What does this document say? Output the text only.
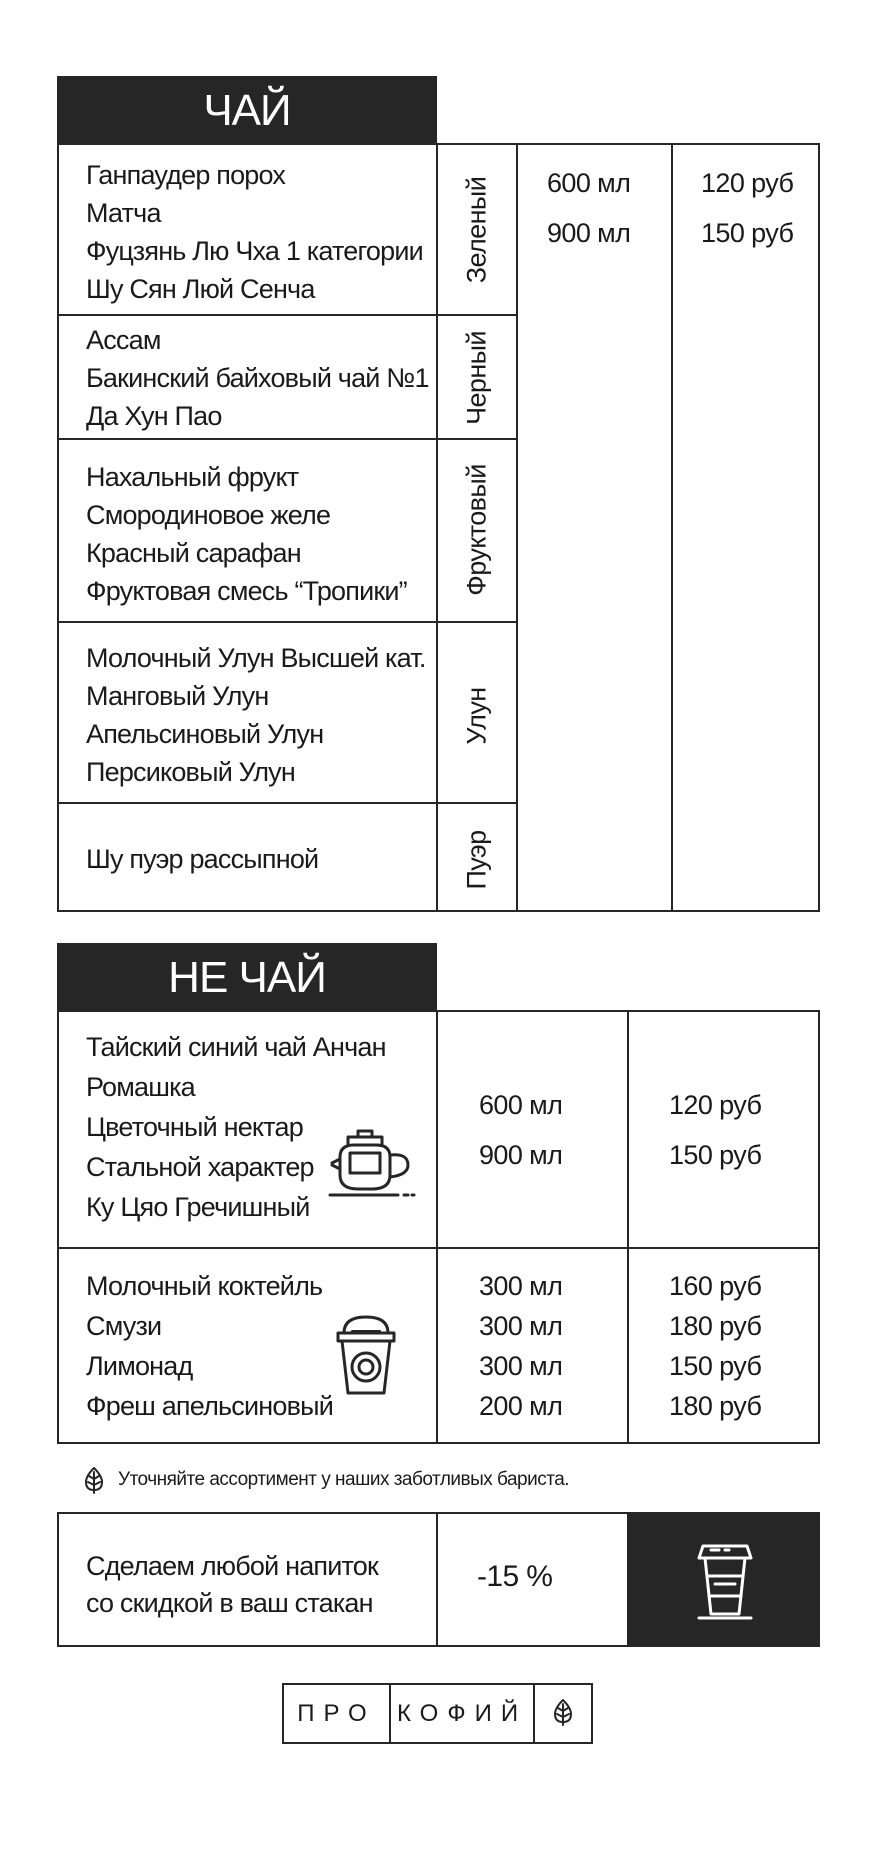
ЧАЙ
Ганпаудер порох
Матча
Фуцзянь Лю Чха 1 категории
Шу Сян Люй Сенча
Зеленый
Ассам
Бакинский байховый чай №1
Да Хун Пао	Черный
Нахальный фрукт
Смородиновое желе
Красный сарафан
Фруктовая смесь “Тропики” Фруктовый
Молочный Улун Высшей кат.
Манговый Улун
Апельсиновый Улун
Персиковый Улун
Улун
Шу пуэр рассыпной	Пуэр
600 мл
900 мл
120 руб
150 руб
НЕ ЧАЙ
Тайский синий чай Анчан
Ромашка
Цветочный нектар
Стальной характер
Ку Цяо Гречишный
600 мл
900 мл
120 руб
150 руб
Молочный коктейль
Смузи
Лимонад
Фреш апельсиновый
300 мл
300 мл
300 мл
200 мл
160 руб
180 руб
150 руб
180 руб
Уточняйте ассортимент у наших заботливых бариста.
Сделаем любой напиток
со скидкой в ваш стакан
-15 %
ПРО КОФИЙ
